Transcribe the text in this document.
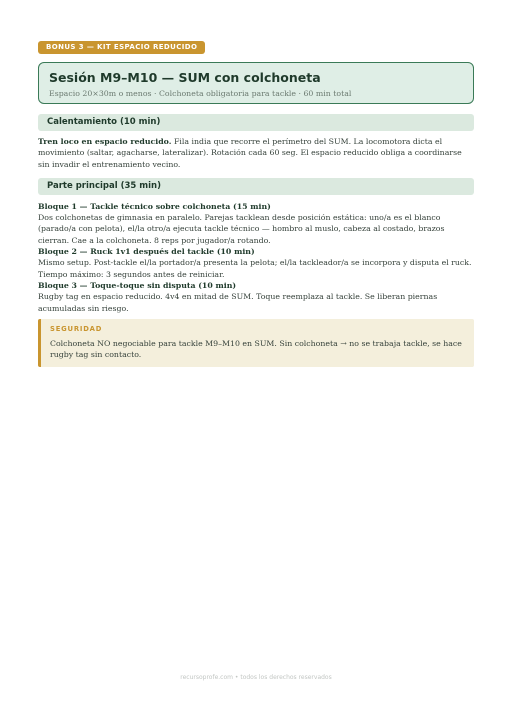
BONUS 3 — KIT ESPACIO REDUCIDO
Sesión M9–M10 — SUM con colchoneta
Espacio 20×30m o menos · Colchoneta obligatoria para tackle · 60 min total
Calentamiento (10 min)

Tren loco en espacio reducido. Fila india que recorre el perímetro del SUM. La locomotora dicta el movimiento (saltar, agacharse, lateralizar). Rotación cada 60 seg. El espacio reducido obliga a coordinarse sin invadir el entrenamiento vecino.

Parte principal (35 min)
Bloque 1 — Tackle técnico sobre colchoneta (15 min)

Dos colchonetas de gimnasia en paralelo. Parejas tacklean desde posición estática: uno/a es el blanco (parado/a con pelota), el/la otro/a ejecuta tackle técnico — hombro al muslo, cabeza al costado, brazos cierran. Cae a la colchoneta. 8 reps por jugador/a rotando.

Bloque 2 — Ruck 1v1 después del tackle (10 min)

Mismo setup. Post-tackle el/la portador/a presenta la pelota; el/la tackleador/a se incorpora y disputa el ruck. Tiempo máximo: 3 segundos antes de reiniciar.

Bloque 3 — Toque-toque sin disputa (10 min)

Rugby tag en espacio reducido. 4v4 en mitad de SUM. Toque reemplaza al tackle. Se liberan piernas acumuladas sin riesgo.

SEGURIDAD

Colchoneta NO negociable para tackle M9–M10 en SUM. Sin colchoneta → no se trabaja tackle, se hace rugby tag sin contacto.

recursoprofe.com • todos los derechos reservados
